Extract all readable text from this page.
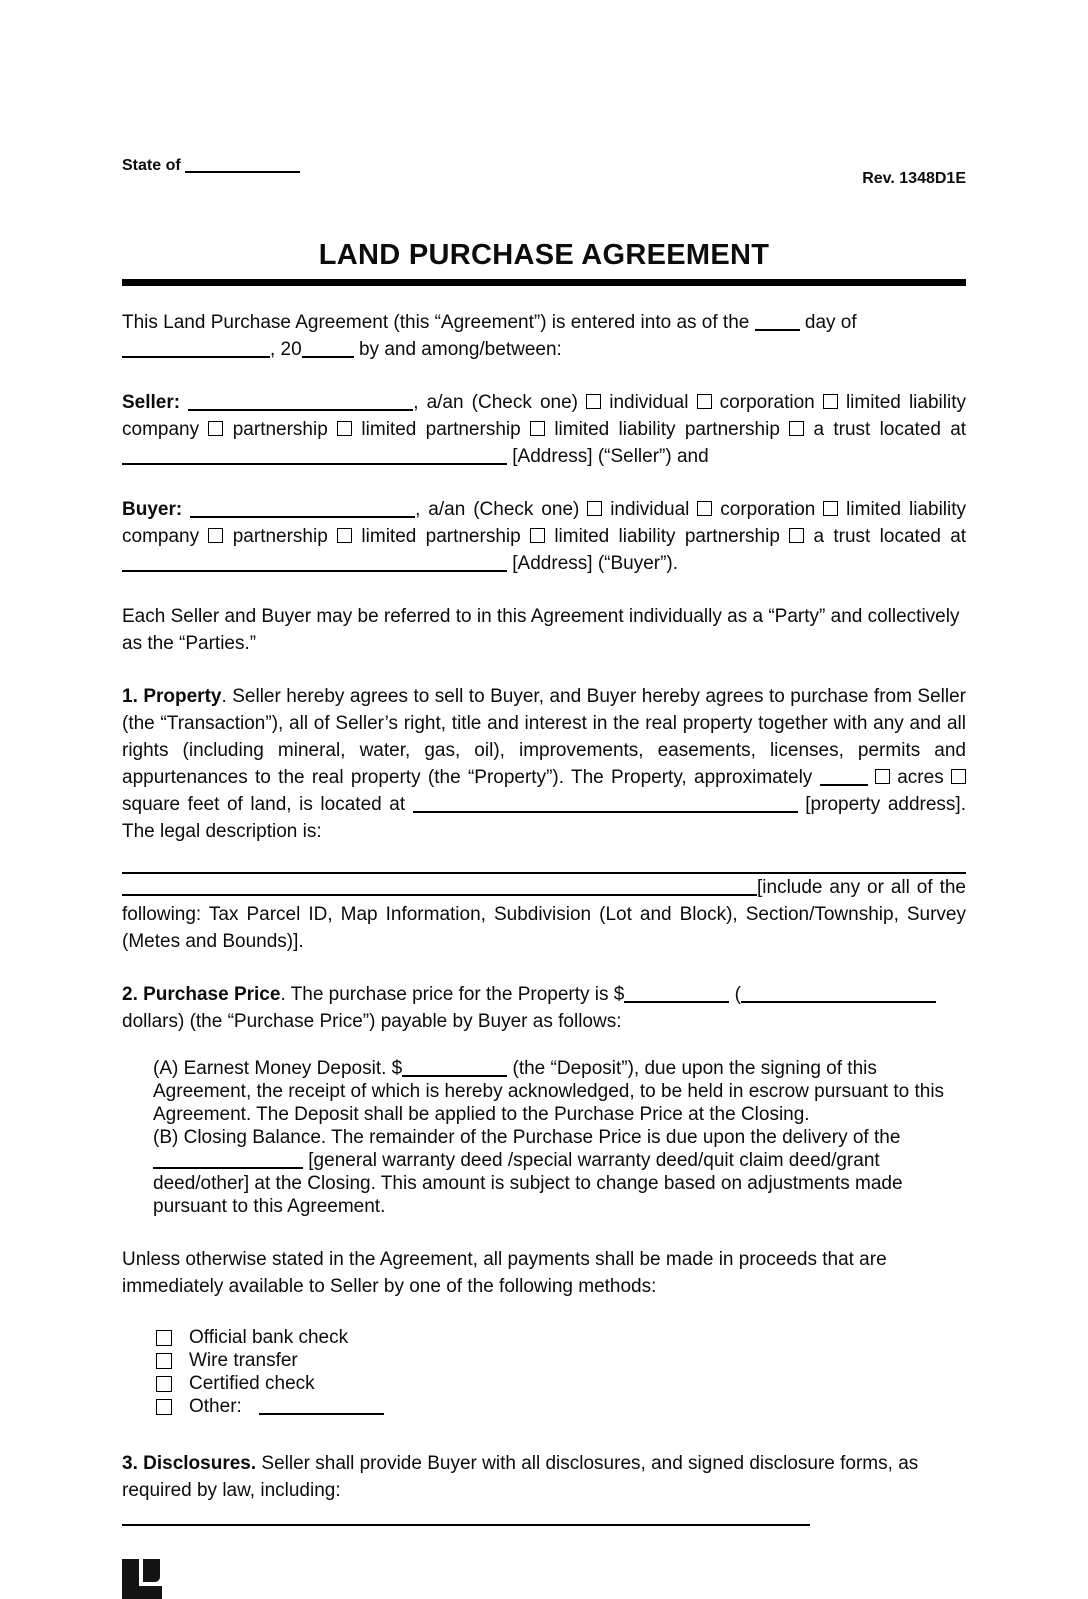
State of
Rev. 1348D1E
LAND PURCHASE AGREEMENT

This Land Purchase Agreement (this “Agreement”) is entered into as of the	day of
, 20	by and among/between:

Seller:	, a/an (Check one) individual corporation limited liability company partnership limited partnership limited liability partnership a trust located at  [Address] (“Seller”) and

Buyer:	, a/an (Check one) individual corporation limited liability company partnership limited partnership limited liability partnership a trust located at  [Address] (“Buyer”).

Each Seller and Buyer may be referred to in this Agreement individually as a “Party” and collectively as the “Parties.”

1. Property. Seller hereby agrees to sell to Buyer, and Buyer hereby agrees to purchase from Seller (the “Transaction”), all of Seller’s right, title and interest in the real property together with any and all rights (including mineral, water, gas, oil), improvements, easements, licenses, permits and appurtenances to the real property (the “Property”). The Property, approximately	acres  square feet of land, is located at	[property address]. The legal description is:

[include any or all of the following: Tax Parcel ID, Map Information, Subdivision (Lot and Block), Section/Township, Survey (Metes and Bounds)].

2. Purchase Price. The purchase price for the Property is $	(
dollars) (the “Purchase Price”) payable by Buyer as follows:

(A) Earnest Money Deposit. $	(the “Deposit”), due upon the signing of this Agreement, the receipt of which is hereby acknowledged, to be held in escrow pursuant to this Agreement. The Deposit shall be applied to the Purchase Price at the Closing.
(B) Closing Balance. The remainder of the Purchase Price is due upon the delivery of the  [general warranty deed /special warranty deed/quit claim deed/grant deed/other] at the Closing. This amount is subject to change based on adjustments made pursuant to this Agreement.

Unless otherwise stated in the Agreement, all payments shall be made in proceeds that are immediately available to Seller by one of the following methods:

Official bank check
Wire transfer
Certified check
Other:

3. Disclosures. Seller shall provide Buyer with all disclosures, and signed disclosure forms, as required by law, including:
